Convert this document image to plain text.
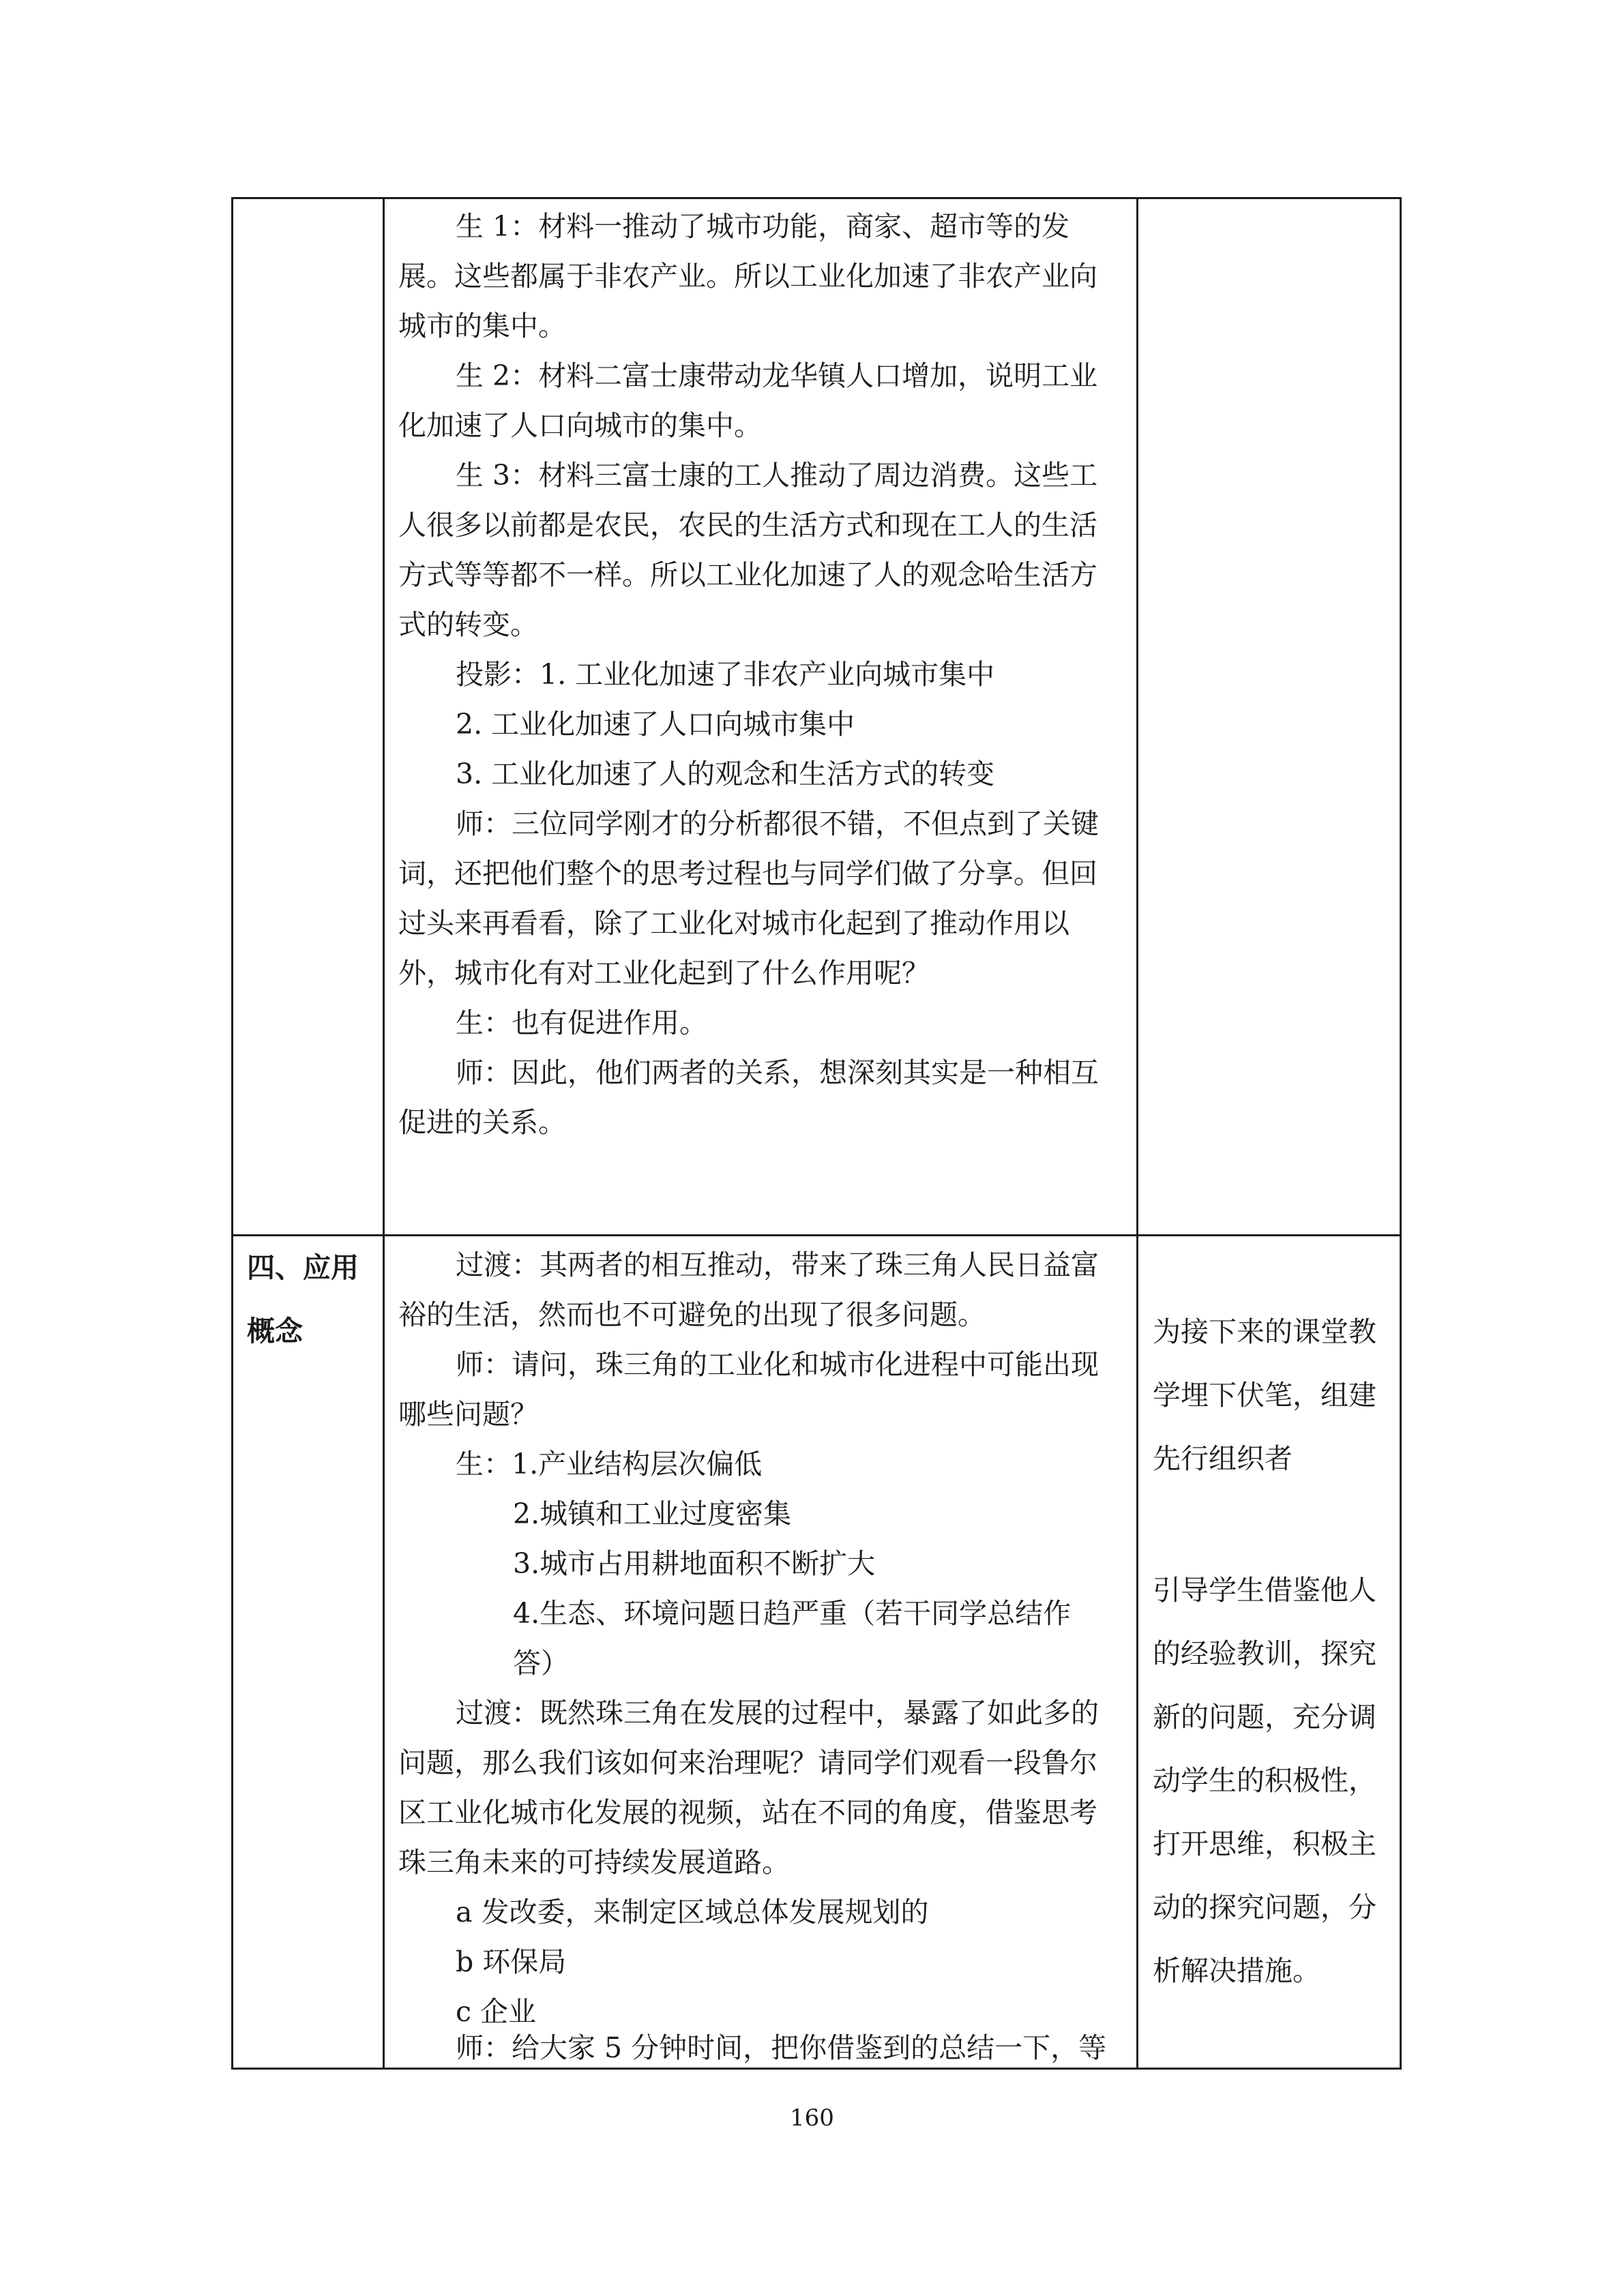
生 1：材料一推动了城市功能，商家、超市等的发
展。这些都属于非农产业。所以工业化加速了非农产业向
城市的集中。
生 2：材料二富士康带动龙华镇人口增加，说明工业
化加速了人口向城市的集中。
生 3：材料三富士康的工人推动了周边消费。这些工
人很多以前都是农民，农民的生活方式和现在工人的生活
方式等等都不一样。所以工业化加速了人的观念哈生活方
式的转变。
投影：1. 工业化加速了非农产业向城市集中
2. 工业化加速了人口向城市集中
3. 工业化加速了人的观念和生活方式的转变
师：三位同学刚才的分析都很不错，不但点到了关键
词，还把他们整个的思考过程也与同学们做了分享。但回
过头来再看看，除了工业化对城市化起到了推动作用以
外，城市化有对工业化起到了什么作用呢？
生：也有促进作用。
师：因此，他们两者的关系，想深刻其实是一种相互
促进的关系。
四、应用
概念
过渡：其两者的相互推动，带来了珠三角人民日益富
裕的生活，然而也不可避免的出现了很多问题。
师：请问，珠三角的工业化和城市化进程中可能出现
哪些问题？
生：1.产业结构层次偏低
2.城镇和工业过度密集
3.城市占用耕地面积不断扩大
4.生态、环境问题日趋严重（若干同学总结作
答）
过渡：既然珠三角在发展的过程中，暴露了如此多的
问题，那么我们该如何来治理呢？请同学们观看一段鲁尔
区工业化城市化发展的视频，站在不同的角度，借鉴思考
珠三角未来的可持续发展道路。
a 发改委，来制定区域总体发展规划的
b 环保局
c 企业
师：给大家 5 分钟时间，把你借鉴到的总结一下，等
为接下来的课堂教
学埋下伏笔，组建
先行组织者
引导学生借鉴他人
的经验教训，探究
新的问题，充分调
动学生的积极性，
打开思维，积极主
动的探究问题，分
析解决措施。
160
